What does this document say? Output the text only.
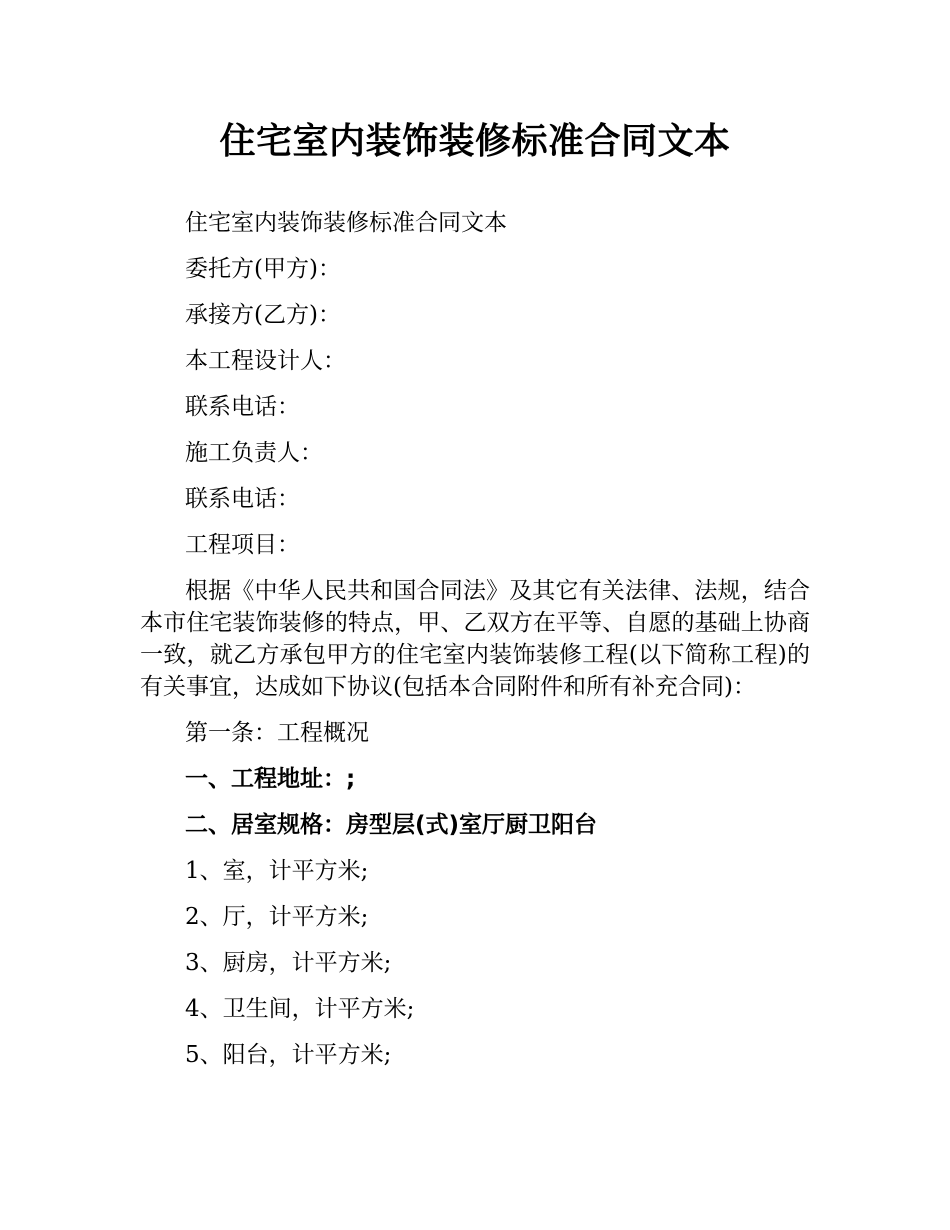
住宅室内装饰装修标准合同文本
住宅室内装饰装修标准合同文本
委托方(甲方)：
承接方(乙方)：
本工程设计人：
联系电话：
施工负责人：
联系电话：
工程项目：

根据《中华人民共和国合同法》及其它有关法律、法规，结合本市住宅装饰装修的特点，甲、乙双方在平等、自愿的基础上协商一致，就乙方承包甲方的住宅室内装饰装修工程(以下简称工程)的有关事宜，达成如下协议(包括本合同附件和所有补充合同)：

第一条：工程概况
一、工程地址：;
二、居室规格：房型层(式)室厅厨卫阳台
1、室，计平方米;
2、厅，计平方米;
3、厨房，计平方米;
4、卫生间，计平方米;
5、阳台，计平方米;
